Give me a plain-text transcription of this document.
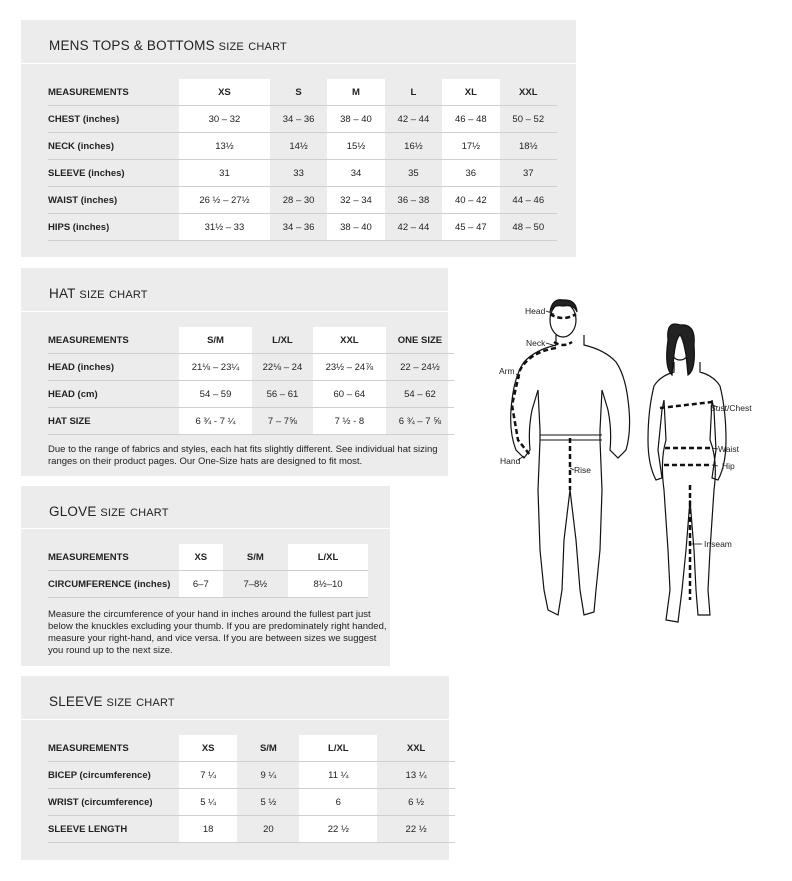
MENS TOPS & BOTTOMS size chart
MEASUREMENTS	XS	S	M	L	XL	XXL
CHEST (inches)	30 – 32	34 – 36	38 – 40	42 – 44	46 – 48	50 – 52
NECK (inches)	13½	14½	15½	16½	17½	18½
SLEEVE (inches)	31	33	34	35	36	37
WAIST (inches)	26 ½ – 27½	28 – 30	32 – 34	36 – 38	40 – 42	44 – 46
HIPS (inches)	31½ – 33	34 – 36	38 – 40	42 – 44	45 – 47	48 – 50
HAT size chart
MEASUREMENTS	S/M	L/XL	XXL	ONE SIZE
HEAD (inches)	21⅛ – 23¼	22⅛ – 24	23½ – 24⅞	22 – 24½
HEAD (cm)	54 – 59	56 – 61	60 – 64	54 – 62
HAT SIZE	6 ¾ - 7 ¼	7 – 7⅝	7 ½ - 8	6 ¾ – 7 ⅝
Due to the range of fabrics and styles, each hat fits slightly different. See individual hat sizing ranges on their product pages. Our One-Size hats are designed to fit most.
GLOVE size chart
MEASUREMENTS	XS	S/M	L/XL
CIRCUMFERENCE (inches)	6–7	7–8½	8½–10
Measure the circumference of your hand in inches around the fullest part just below the knuckles excluding your thumb. If you are predominately right handed, measure your right-hand, and vice versa. If you are between sizes we suggest you round up to the next size.
SLEEVE size chart
MEASUREMENTS	XS	S/M	L/XL	XXL
BICEP (circumference)	7 ¼	9 ¼	11 ¼	13 ¼
WRIST (circumference)	5 ¼	5 ½	6	6 ½
SLEEVE LENGTH	18	20	22 ½	22 ½
Head
Neck
Arm
Hand
Rise
Bust/Chest
Waist
Hip
Inseam
